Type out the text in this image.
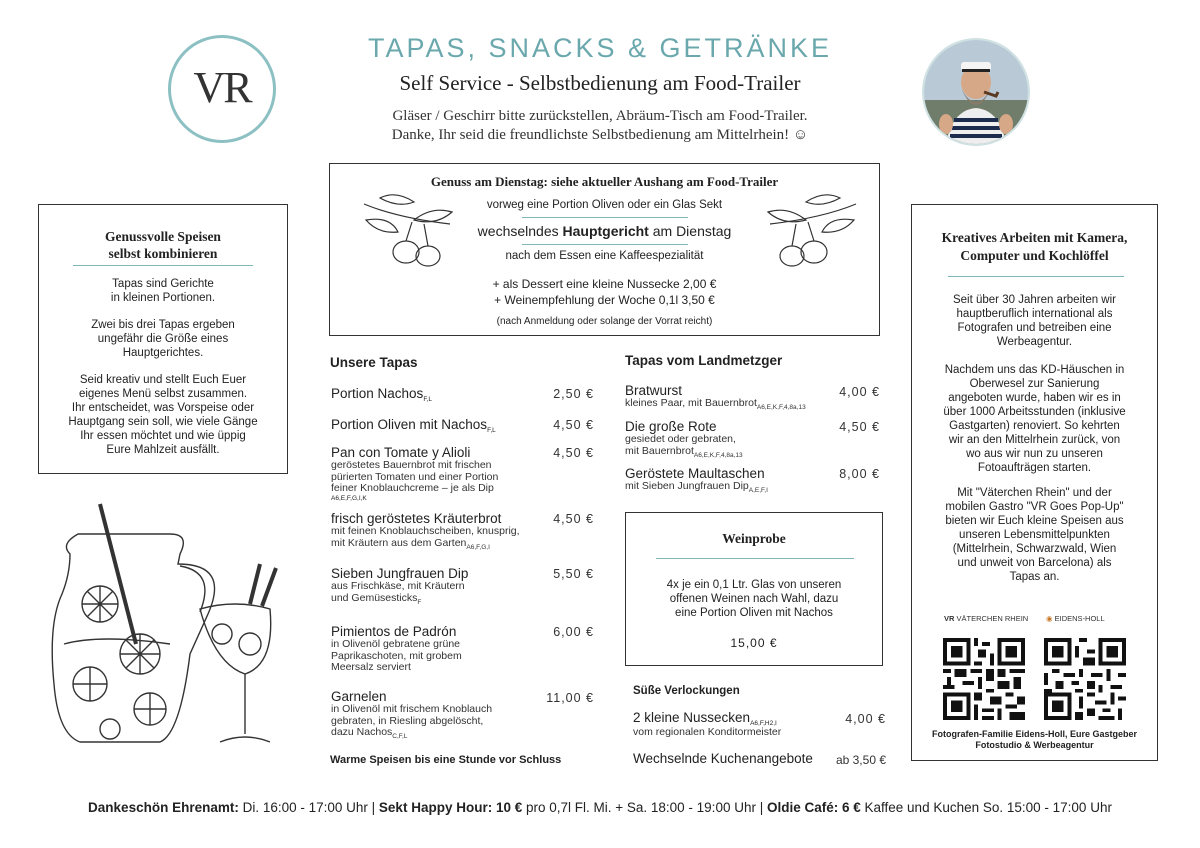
VR
TAPAS, SNACKS & GETRÄNKE
Self Service - Selbstbedienung am Food-Trailer
Gläser / Geschirr bitte zurückstellen, Abräum-Tisch am Food-Trailer.
Danke, Ihr seid die freundlichste Selbstbedienung am Mittelrhein! ☺
Genuss am Dienstag: siehe aktueller Aushang am Food-Trailer
vorweg eine Portion Oliven oder ein Glas Sekt
wechselndes Hauptgericht am Dienstag
nach dem Essen eine Kaffeespezialität
+ als Dessert eine kleine Nussecke 2,00 €
+ Weinempfehlung der Woche 0,1l 3,50 €
(nach Anmeldung oder solange der Vorrat reicht)
Genussvolle Speisen
selbst kombinieren
Tapas sind Gerichte
in kleinen Portionen.
Zwei bis drei Tapas ergeben
ungefähr die Größe eines
Hauptgerichtes.
Seid kreativ und stellt Euch Euer
eigenes Menü selbst zusammen.
Ihr entscheidet, was Vorspeise oder
Hauptgang sein soll, wie viele Gänge
Ihr essen möchtet und wie üppig
Eure Mahlzeit ausfällt.
Unsere Tapas
Portion Nachos$_{F,L}$	2,50 €
Portion Oliven mit Nachos$_{F,L}$	4,50 €
Pan con Tomate y Alioli
geröstetes Bauernbrot mit frischen
pürierten Tomaten und einer Portion
feiner Knoblauchcreme – je als Dip
A6,E,F,G,I,K
4,50 €
frisch geröstetes Kräuterbrot
mit feinen Knoblauchscheiben, knusprig,
mit Kräutern aus dem Garten$_{A6,F,G,I}$
4,50 €
Sieben Jungfrauen Dip
aus Frischkäse, mit Kräutern
und Gemüsesticks$_F$
5,50 €
Pimientos de Padrón
in Olivenöl gebratene grüne
Paprikaschoten, mit grobem
Meersalz serviert
6,00 €
Garnelen
in Olivenöl mit frischem Knoblauch
gebraten, in Riesling abgelöscht,
dazu Nachos$_{C,F,L}$
11,00 €
Warme Speisen bis eine Stunde vor Schluss
Tapas vom Landmetzger
Bratwurst
kleines Paar, mit Bauernbrot$_{A6,E,K,F,4,8a,13}$
4,00 €
Die große Rote
gesiedet oder gebraten,
mit Bauernbrot$_{A6,E,K,F,4,8a,13}$
4,50 €
Geröstete Maultaschen
mit Sieben Jungfrauen Dip$_{A,E,F,I}$
8,00 €
Weinprobe
4x je ein 0,1 Ltr. Glas von unseren
offenen Weinen nach Wahl, dazu
eine Portion Oliven mit Nachos
15,00 €
Süße Verlockungen
2 kleine Nussecken$_{A6,F,H2,I}$
vom regionalen Konditormeister
4,00 €
Wechselnde Kuchenangebote	ab 3,50 €
Kreatives Arbeiten mit Kamera,
Computer und Kochlöffel
Seit über 30 Jahren arbeiten wir
hauptberuflich international als
Fotografen und betreiben eine
Werbeagentur.
Nachdem uns das KD-Häuschen in
Oberwesel zur Sanierung
angeboten wurde, haben wir es in
über 1000 Arbeitsstunden (inklusive
Gastgarten) renoviert. So kehrten
wir an den Mittelrhein zurück, von
wo aus wir nun zu unseren
Fotoaufträgen starten.
Mit "Väterchen Rhein" und der
mobilen Gastro "VR Goes Pop-Up"
bieten wir Euch kleine Speisen aus
unseren Lebensmittelpunkten
(Mittelrhein, Schwarzwald, Wien
und unweit von Barcelona) als
Tapas an.
VR VÄTERCHEN RHEIN ◉ EIDENS-HOLL
Fotografen-Familie Eidens-Holl, Eure Gastgeber
Fotostudio & Werbeagentur
Dankeschön Ehrenamt: Di. 16:00 - 17:00 Uhr | Sekt Happy Hour: 10 € pro 0,7l Fl. Mi. + Sa. 18:00 - 19:00 Uhr | Oldie Café: 6 € Kaffee und Kuchen So. 15:00 - 17:00 Uhr
